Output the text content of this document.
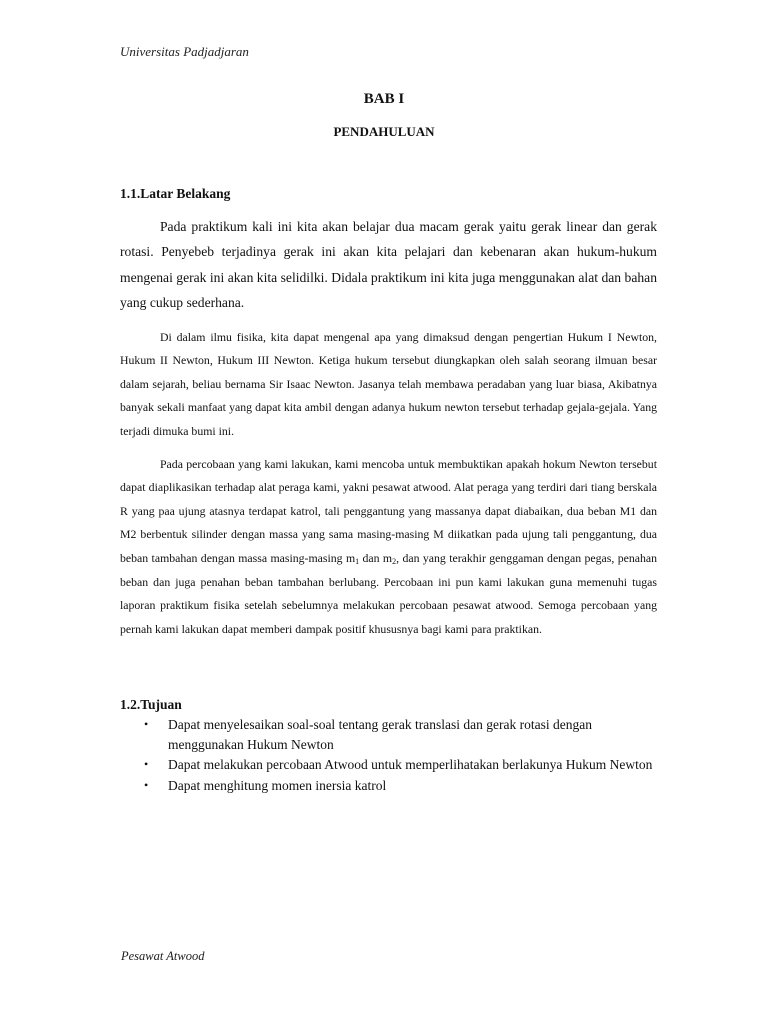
Universitas Padjadjaran
BAB I
PENDAHULUAN
1.1.Latar Belakang

Pada praktikum kali ini kita akan belajar dua macam gerak yaitu gerak linear dan gerak rotasi. Penyebeb terjadinya gerak ini akan kita pelajari dan kebenaran akan hukum-hukum mengenai gerak ini akan kita selidilki. Didala praktikum ini kita juga menggunakan alat dan bahan yang cukup sederhana.

Di dalam ilmu fisika, kita dapat mengenal apa yang dimaksud dengan pengertian Hukum I Newton, Hukum II Newton, Hukum III Newton. Ketiga hukum tersebut diungkapkan oleh salah seorang ilmuan besar dalam sejarah, beliau bernama Sir Isaac Newton. Jasanya telah membawa peradaban yang luar biasa, Akibatnya banyak sekali manfaat yang dapat kita ambil dengan adanya hukum newton tersebut terhadap gejala-gejala. Yang terjadi dimuka bumi ini.

Pada percobaan yang kami lakukan, kami mencoba untuk membuktikan apakah hokum Newton tersebut dapat diaplikasikan terhadap alat peraga kami, yakni pesawat atwood. Alat peraga yang terdiri dari tiang berskala R yang paa ujung atasnya terdapat katrol, tali penggantung yang massanya dapat diabaikan, dua beban M1 dan M2 berbentuk silinder dengan massa yang sama masing-masing M diikatkan pada ujung tali penggantung, dua beban tambahan dengan massa masing-masing $m_1$ dan $m_2$, dan yang terakhir genggaman dengan pegas, penahan beban dan juga penahan beban tambahan berlubang. Percobaan ini pun kami lakukan guna memenuhi tugas laporan praktikum fisika setelah sebelumnya melakukan percobaan pesawat atwood. Semoga percobaan yang pernah kami lakukan dapat memberi dampak positif khususnya bagi kami para praktikan.

1.2.Tujuan
• Dapat menyelesaikan soal-soal tentang gerak translasi dan gerak rotasi dengan menggunakan Hukum Newton
• Dapat melakukan percobaan Atwood untuk memperlihatakan berlakunya Hukum Newton
• Dapat menghitung momen inersia katrol
Pesawat Atwood
